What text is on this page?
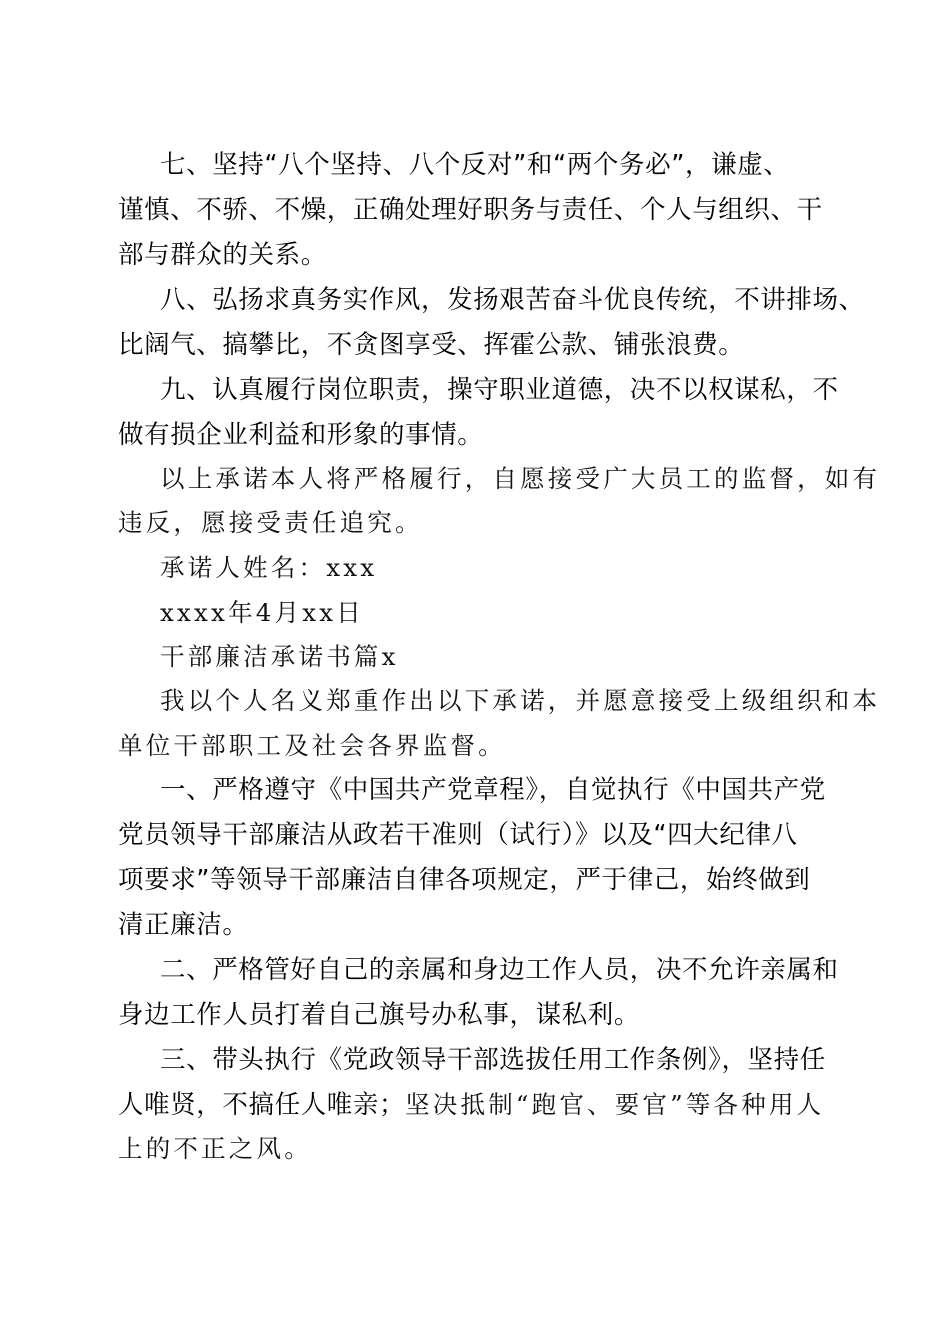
七、坚持“八个坚持、八个反对”和“两个务必”，谦虚、
谨慎、不骄、不燥，正确处理好职务与责任、个人与组织、干
部与群众的关系。
八、弘扬求真务实作风，发扬艰苦奋斗优良传统，不讲排场、
比阔气、搞攀比，不贪图享受、挥霍公款、铺张浪费。
九、认真履行岗位职责，操守职业道德，决不以权谋私，不
做有损企业利益和形象的事情。
以上承诺本人将严格履行，自愿接受广大员工的监督，如有
违反，愿接受责任追究。
承诺人姓名：xxx
xxxx年4月xx日
干部廉洁承诺书篇x
我以个人名义郑重作出以下承诺，并愿意接受上级组织和本
单位干部职工及社会各界监督。
一、严格遵守《中国共产党章程》，自觉执行《中国共产党
党员领导干部廉洁从政若干准则（试行）》以及“四大纪律八
项要求”等领导干部廉洁自律各项规定，严于律己，始终做到
清正廉洁。
二、严格管好自己的亲属和身边工作人员，决不允许亲属和
身边工作人员打着自己旗号办私事，谋私利。
三、带头执行《党政领导干部选拔任用工作条例》，坚持任
人唯贤，不搞任人唯亲；坚决抵制“跑官、要官”等各种用人
上的不正之风。
